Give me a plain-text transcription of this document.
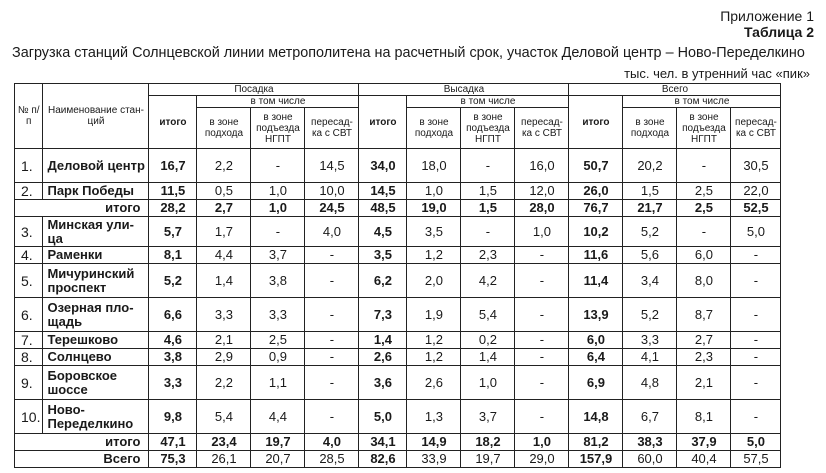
Приложение 1
Таблица 2
Загрузка станций Солнцевской линии метрополитена на расчетный срок, участок Деловой центр – Ново-Переделкино
тыс. чел. в утренний час «пик»
№ п/п	Наименование стан-ций	Посадка				Высадка				Всего			
		итого	в том числе			итого	в том числе			итого	в том числе		
			в зоне подхода	в зоне подъезда НГПТ	пересад-ка с СВТ		в зоне подхода	в зоне подъезда НГПТ	пересад-ка с СВТ		в зоне подхода	в зоне подъезда НГПТ	пересад-ка с СВТ
1.	Деловой центр	16,7	2,2	-	14,5	34,0	18,0	-	16,0	50,7	20,2	-	30,5
2.	Парк Победы	11,5	0,5	1,0	10,0	14,5	1,0	1,5	12,0	26,0	1,5	2,5	22,0
итого		28,2	2,7	1,0	24,5	48,5	19,0	1,5	28,0	76,7	21,7	2,5	52,5
3.	Минская ули-ца	5,7	1,7	-	4,0	4,5	3,5	-	1,0	10,2	5,2	-	5,0
4.	Раменки	8,1	4,4	3,7	-	3,5	1,2	2,3	-	11,6	5,6	6,0	-
5.	Мичуринский проспект	5,2	1,4	3,8	-	6,2	2,0	4,2	-	11,4	3,4	8,0	-
6.	Озерная пло-щадь	6,6	3,3	3,3	-	7,3	1,9	5,4	-	13,9	5,2	8,7	-
7.	Терешково	4,6	2,1	2,5	-	1,4	1,2	0,2	-	6,0	3,3	2,7	-
8.	Солнцево	3,8	2,9	0,9	-	2,6	1,2	1,4	-	6,4	4,1	2,3	-
9.	Боровское шоссе	3,3	2,2	1,1	-	3,6	2,6	1,0	-	6,9	4,8	2,1	-
10.	Ново-Переделкино	9,8	5,4	4,4	-	5,0	1,3	3,7	-	14,8	6,7	8,1	-
итого		47,1	23,4	19,7	4,0	34,1	14,9	18,2	1,0	81,2	38,3	37,9	5,0
Всего		75,3	26,1	20,7	28,5	82,6	33,9	19,7	29,0	157,9	60,0	40,4	57,5
